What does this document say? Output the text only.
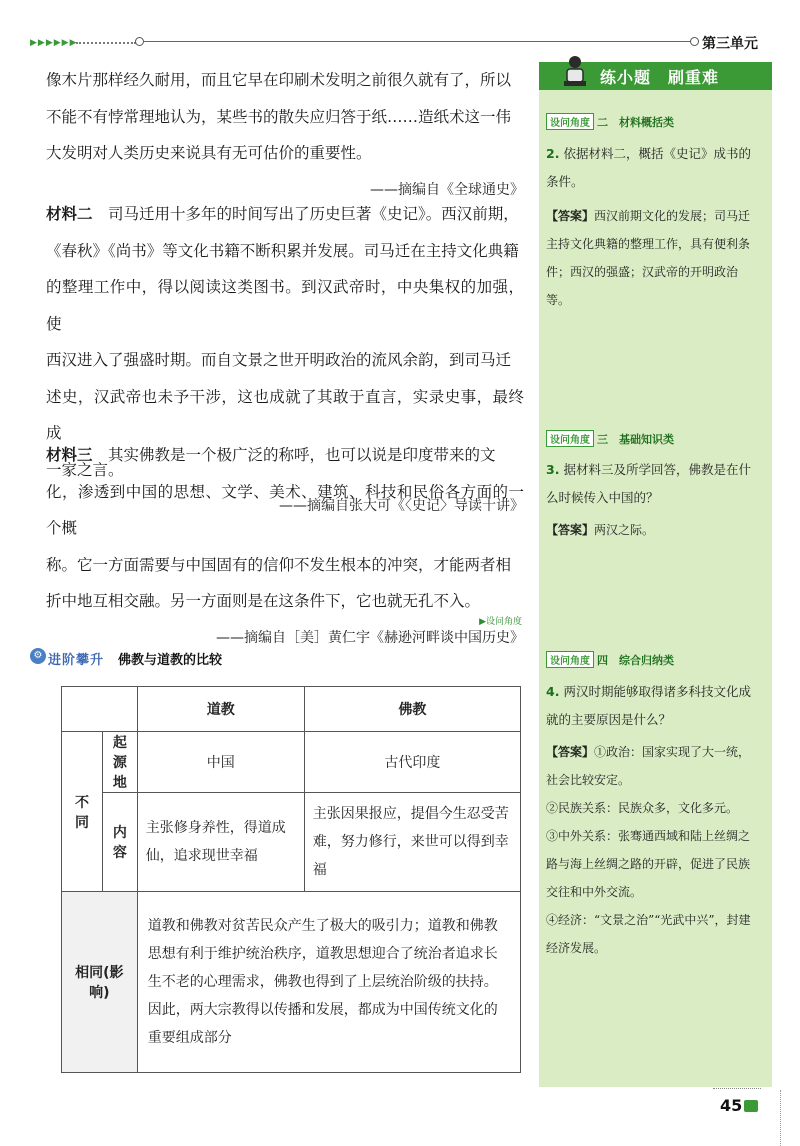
▶▶▶▶▶▶	第三单元
像木片那样经久耐用，而且它早在印刷术发明之前很久就有了，所以
不能不有悖常理地认为，某些书的散失应归答于纸……造纸术这一伟
大发明对人类历史来说具有无可估价的重要性。
——摘编自《全球通史》
材料二　 司马迁用十多年的时间写出了历史巨著《史记》。西汉前期，
《春秋》《尚书》等文化书籍不断积累并发展。司马迁在主持文化典籍
的整理工作中，得以阅读这类图书。到汉武帝时，中央集权的加强，使
西汉进入了强盛时期。而自文景之世开明政治的流风余韵，到司马迁
述史，汉武帝也未予干涉，这也成就了其敢于直言，实录史事，最终成
一家之言。
——摘编自张大可《〈史记〉导读十讲》
材料三　 其实佛教是一个极广泛的称呼，也可以说是印度带来的文
化，渗透到中国的思想、文学、美术、建筑、科技和民俗各方面的一个概
称。它一方面需要与中国固有的信仰不发生根本的冲突，才能两者相
折中地互相交融。另一方面则是在这条件下，它也就无孔不入。
——摘编自［美］黄仁宇《赫逊河畔谈中国历史》
▶设问角度
⚙ 进阶攀升 佛教与道教的比较
		道教	佛教
不同	起源地	中国	古代印度
	内容	主张修身养性，得道成仙，追求现世幸福	主张因果报应，提倡今生忍受苦难，努力修行，来世可以得到幸福
相同(影响)		道教和佛教对贫苦民众产生了极大的吸引力；道教和佛教思想有利于维护统治秩序，道教思想迎合了统治者追求长生不老的心理需求，佛教也得到了上层统治阶级的扶持。因此，两大宗教得以传播和发展，都成为中国传统文化的重要组成部分	
练小题　刷重难
设问角度 二　材料概括类
2. 依据材料二，概括《史记》成书的条件。
【答案】西汉前期文化的发展；司马迁主持文化典籍的整理工作，具有便利条件；西汉的强盛；汉武帝的开明政治等。
设问角度 三　基础知识类
3. 据材料三及所学回答，佛教是在什么时候传入中国的？
【答案】两汉之际。
设问角度 四　综合归纳类
4. 两汉时期能够取得诸多科技文化成就的主要原因是什么？
【答案】①政治：国家实现了大一统，社会比较安定。
②民族关系：民族众多，文化多元。
③中外关系：张骞通西域和陆上丝绸之路与海上丝绸之路的开辟，促进了民族交往和中外交流。
④经济：“文景之治”“光武中兴”，封建经济发展。
45
